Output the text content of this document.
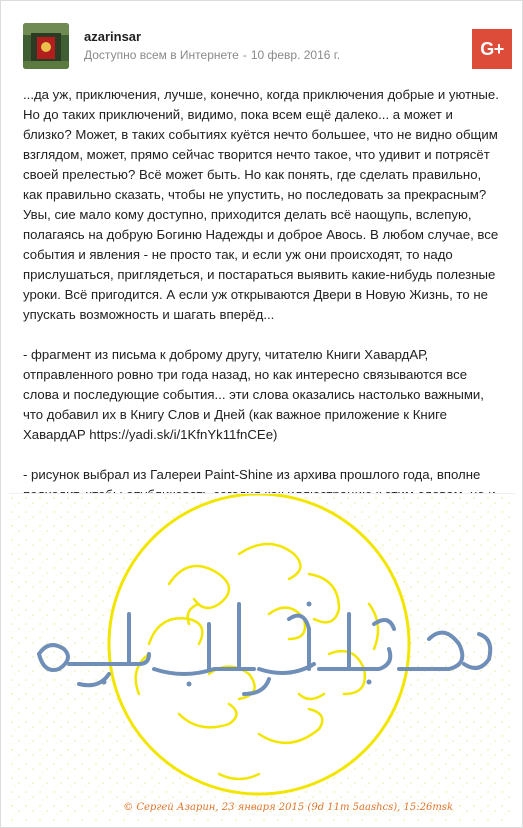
azarinsar
Доступно всем в Интернете - 10 февр. 2016 г.	G+

...да уж, приключения, лучше, конечно, когда приключения добрые и уютные. Но до таких приключений, видимо, пока всем ещё далеко... а может и близко? Может, в таких событиях куётся нечто большее, что не видно общим взглядом, может, прямо сейчас творится нечто такое, что удивит и потрясёт своей прелестью? Всё может быть. Но как понять, где сделать правильно, как правильно сказать, чтобы не упустить, но последовать за прекрасным? Увы, сие мало кому доступно, приходится делать всё наощупь, вслепую, полагаясь на добрую Богиню Надежды и доброе Авось. В любом случае, все события и явления - не просто так, и если уж они происходят, то надо прислушаться, приглядеться, и постараться выявить какие-нибудь полезные уроки. Всё пригодится. А если уж открываются Двери в Новую Жизнь, то не упускать возможность и шагать вперёд...

- фрагмент из письма к доброму другу, читателю Книги ХавардАР, отправленного ровно три года назад, но как интересно связываются все слова и последующие события... эти слова оказались настолько важными, что добавил их в Книгу Слов и Дней (как важное приложение к Книге ХавардАР https://yadi.sk/i/1KfnYk11fnCEe)

- рисунок выбрал из Галереи Paint-Shine из архива прошлого года, вполне

© Сергей Азарин, 23 января 2015 (9d 11m 5aashcs), 15:26msk
